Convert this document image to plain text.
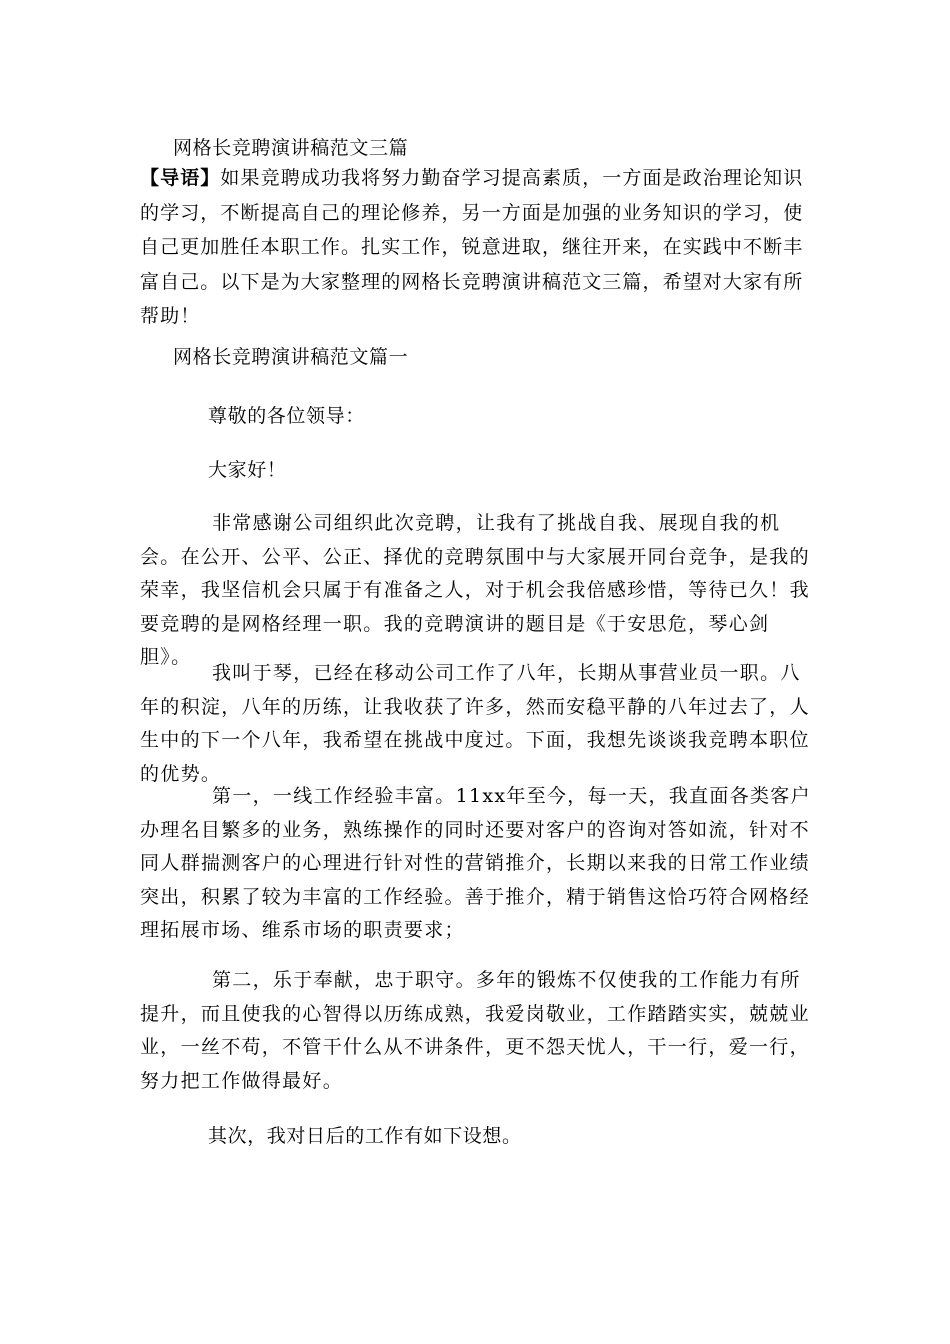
网格长竞聘演讲稿范文三篇
【导语】如果竞聘成功我将努力勤奋学习提高素质，一方面是政治理论知识的学习，不断提高自己的理论修养，另一方面是加强的业务知识的学习，使自己更加胜任本职工作。扎实工作，锐意进取，继往开来，在实践中不断丰富自己。以下是为大家整理的网格长竞聘演讲稿范文三篇，希望对大家有所帮助！
网格长竞聘演讲稿范文篇一
尊敬的各位领导：
大家好！
非常感谢公司组织此次竞聘，让我有了挑战自我、展现自我的机会。在公开、公平、公正、择优的竞聘氛围中与大家展开同台竞争，是我的荣幸，我坚信机会只属于有准备之人，对于机会我倍感珍惜，等待已久！我要竞聘的是网格经理一职。我的竞聘演讲的题目是《于安思危，琴心剑胆》。
我叫于琴，已经在移动公司工作了八年，长期从事营业员一职。八年的积淀，八年的历练，让我收获了许多，然而安稳平静的八年过去了，人生中的下一个八年，我希望在挑战中度过。下面，我想先谈谈我竞聘本职位的优势。
第一，一线工作经验丰富。11xx年至今，每一天，我直面各类客户办理名目繁多的业务，熟练操作的同时还要对客户的咨询对答如流，针对不同人群揣测客户的心理进行针对性的营销推介，长期以来我的日常工作业绩突出，积累了较为丰富的工作经验。善于推介，精于销售这恰巧符合网格经理拓展市场、维系市场的职责要求；
第二，乐于奉献，忠于职守。多年的锻炼不仅使我的工作能力有所提升，而且使我的心智得以历练成熟，我爱岗敬业，工作踏踏实实，兢兢业业，一丝不苟，不管干什么从不讲条件，更不怨天忧人，干一行，爱一行，努力把工作做得最好。
其次，我对日后的工作有如下设想。
